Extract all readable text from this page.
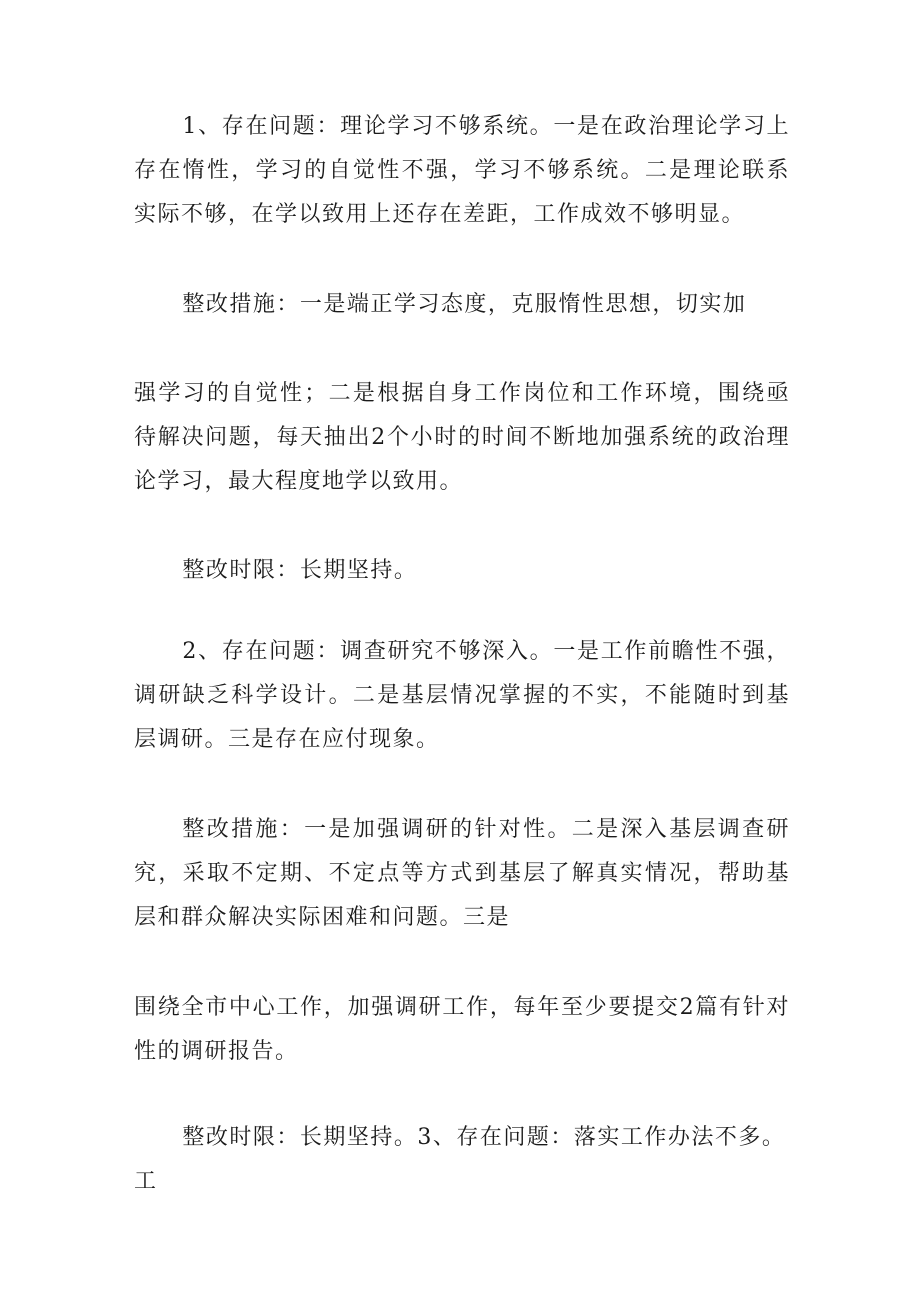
1、存在问题：理论学习不够系统。一是在政治理论学习上存在惰性，学习的自觉性不强，学习不够系统。二是理论联系实际不够，在学以致用上还存在差距，工作成效不够明显。

整改措施：一是端正学习态度，克服惰性思想，切实加

强学习的自觉性；二是根据自身工作岗位和工作环境，围绕亟待解决问题，每天抽出2个小时的时间不断地加强系统的政治理论学习，最大程度地学以致用。

整改时限：长期坚持。

2、存在问题：调查研究不够深入。一是工作前瞻性不强，调研缺乏科学设计。二是基层情况掌握的不实，不能随时到基层调研。三是存在应付现象。

整改措施：一是加强调研的针对性。二是深入基层调查研究，采取不定期、不定点等方式到基层了解真实情况，帮助基层和群众解决实际困难和问题。三是

围绕全市中心工作，加强调研工作，每年至少要提交2篇有针对性的调研报告。

整改时限：长期坚持。3、存在问题：落实工作办法不多。工
